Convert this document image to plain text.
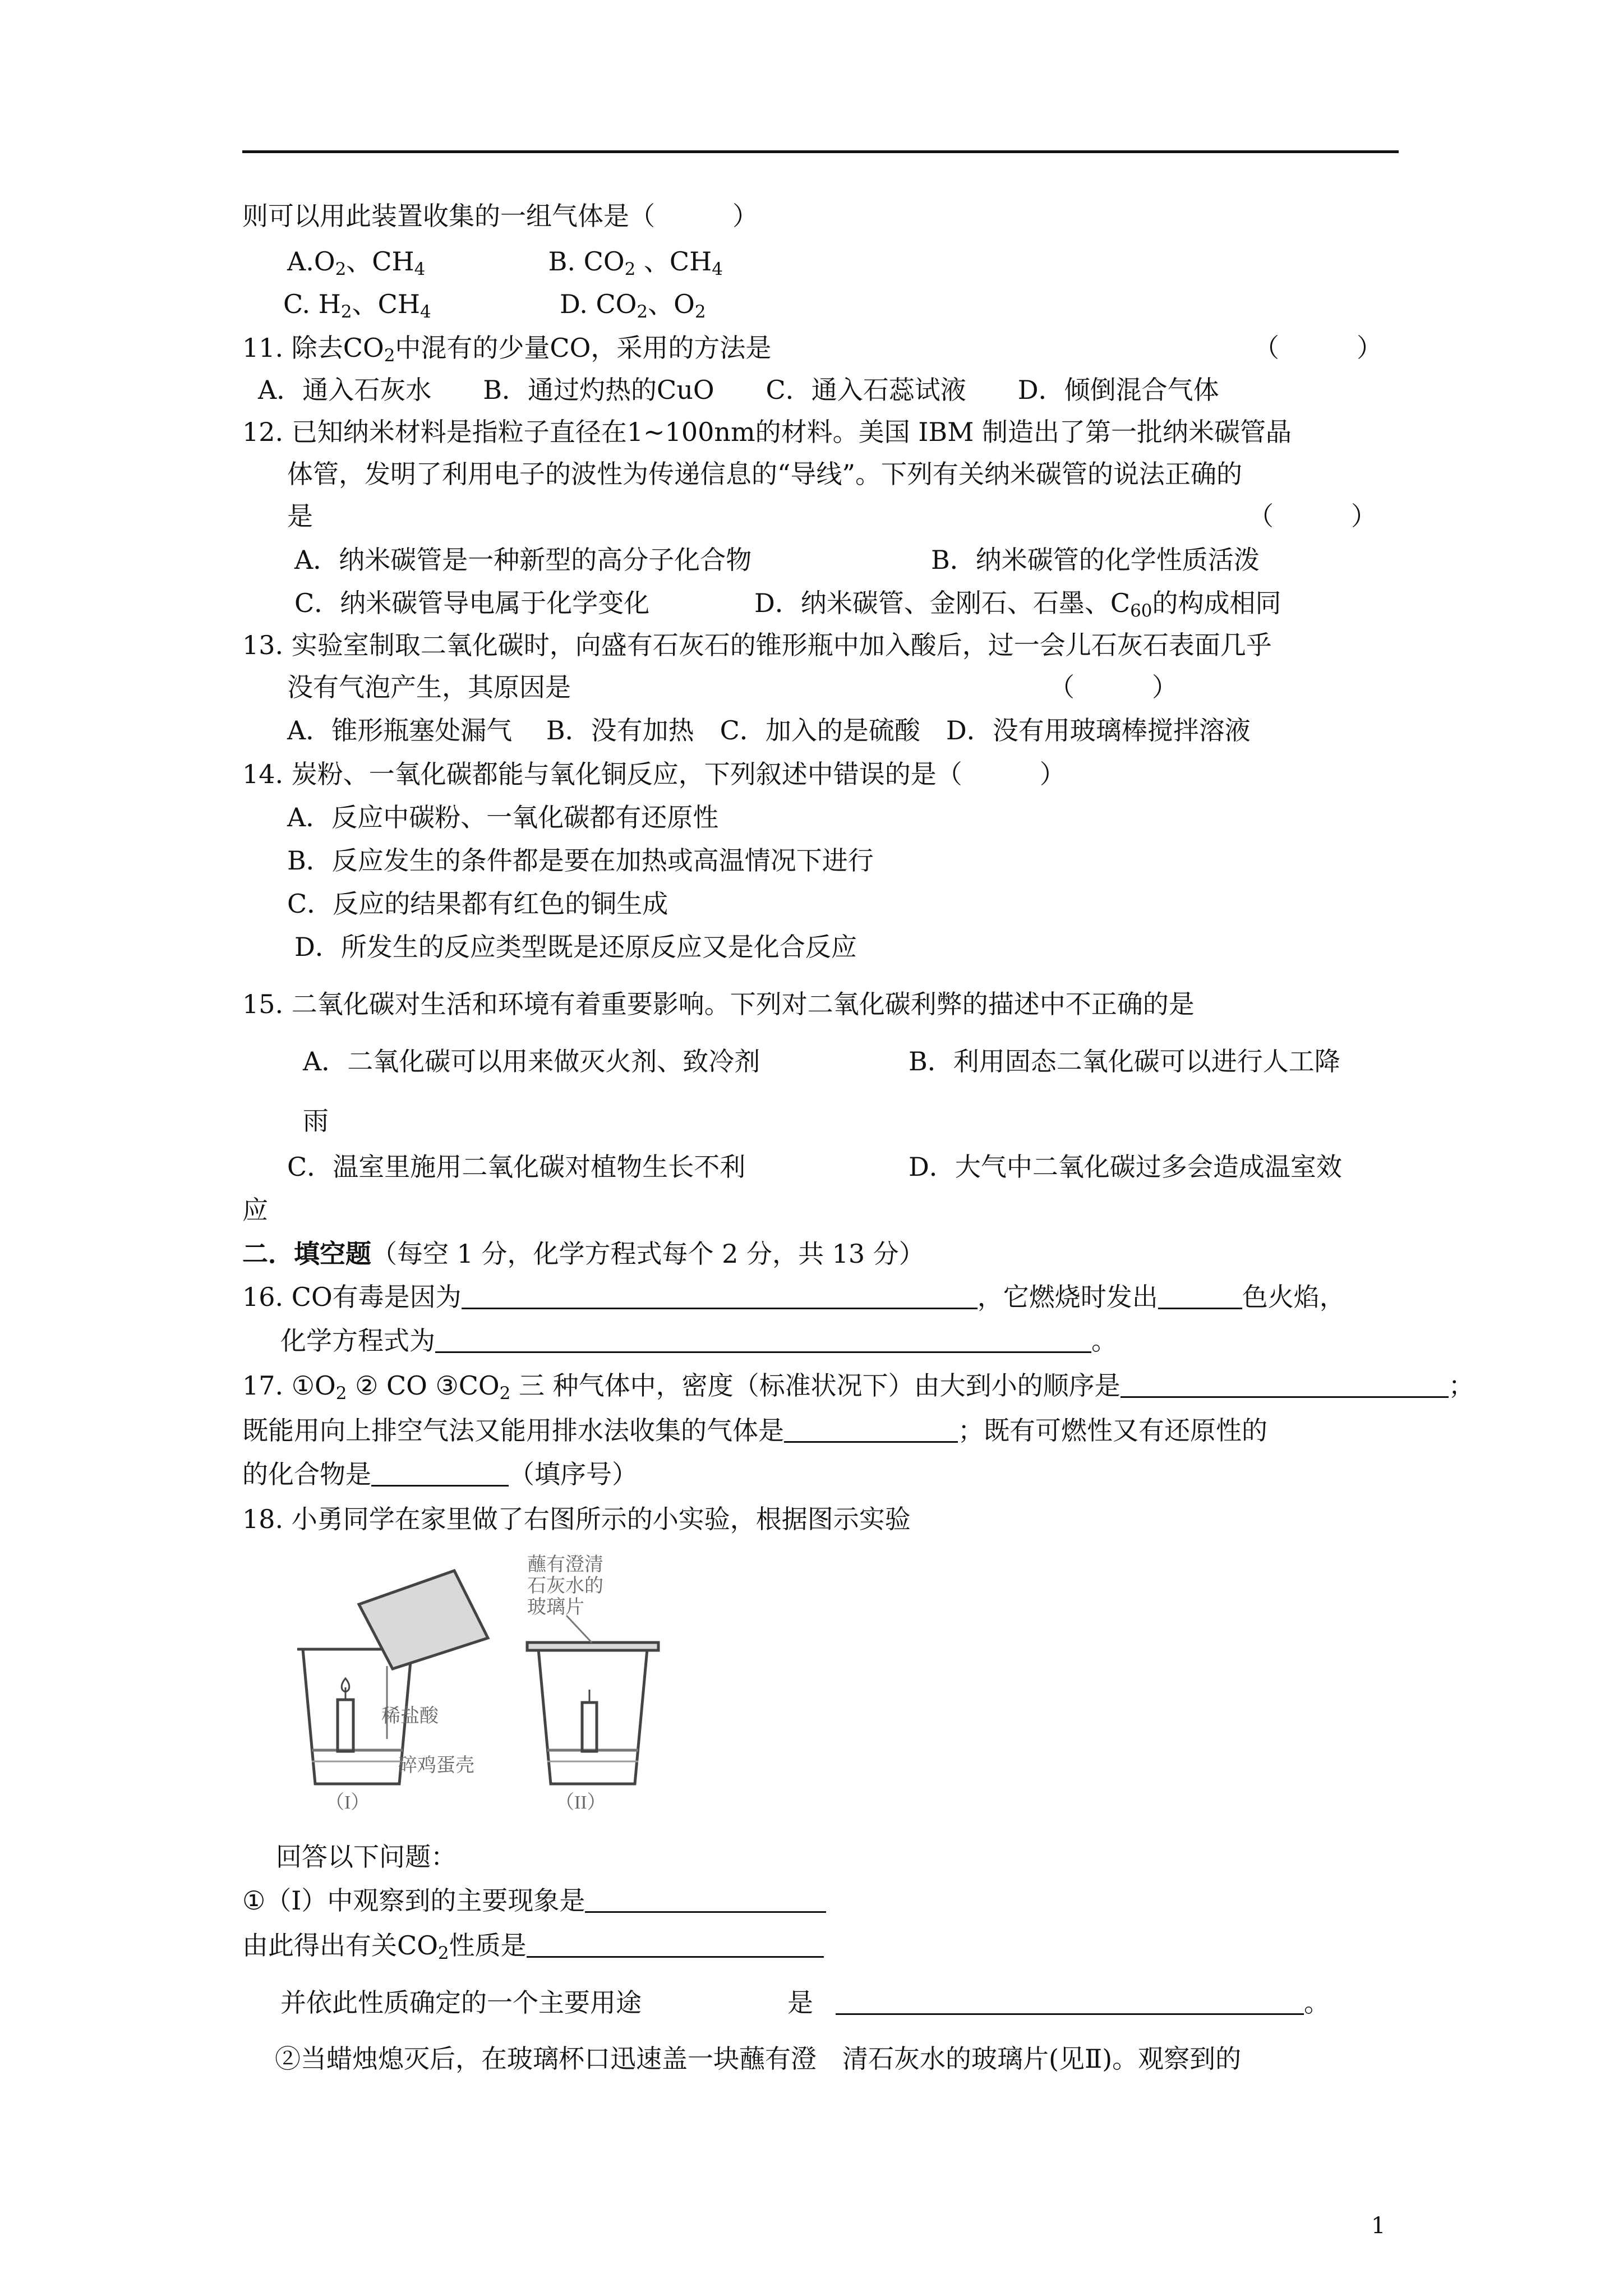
则可以用此装置收集的一组气体是（　　　）
$A.O_2$、$CH_4$	B. $CO_2$ 、$CH_4$
C. $H_2$、$CH_4$	D. $CO_2$、$O_2$
11. 除去$CO_2$中混有的少量CO，采用的方法是	（　　　）
A．通入石灰水　　B．通过灼热的CuO　　C．通入石蕊试液　　D．倾倒混合气体
12. 已知纳米材料是指粒子直径在1~100nm的材料。美国 IBM 制造出了第一批纳米碳管晶
体管，发明了利用电子的波性为传递信息的“导线”。下列有关纳米碳管的说法正确的
是	（　　　）
A．纳米碳管是一种新型的高分子化合物	B．纳米碳管的化学性质活泼
C．纳米碳管导电属于化学变化	D．纳米碳管、金刚石、石墨、$C_{60}$的构成相同
13. 实验室制取二氧化碳时，向盛有石灰石的锥形瓶中加入酸后，过一会儿石灰石表面几乎
没有气泡产生，其原因是	（　　　）
A．锥形瓶塞处漏气　 B．没有加热　C．加入的是硫酸　D．没有用玻璃棒搅拌溶液
14. 炭粉、一氧化碳都能与氧化铜反应，下列叙述中错误的是（　　　）
A．反应中碳粉、一氧化碳都有还原性
B．反应发生的条件都是要在加热或高温情况下进行
C．反应的结果都有红色的铜生成
D．所发生的反应类型既是还原反应又是化合反应
15. 二氧化碳对生活和环境有着重要影响。下列对二氧化碳利弊的描述中不正确的是
A．二氧化碳可以用来做灭火剂、致冷剂	B．利用固态二氧化碳可以进行人工降
雨
C．温室里施用二氧化碳对植物生长不利	D．大气中二氧化碳过多会造成温室效
应
二．填空题（每空 1 分，化学方程式每个 2 分，共 13 分）
16. CO有毒是因为	，它燃烧时发出	色火焰，
化学方程式为	。
17. $①O_2$ ② CO $③CO_2$ 三 种气体中，密度（标准状况下）由大到小的顺序是	；
既能用向上排空气法又能用排水法收集的气体是	；既有可燃性又有还原性的
的化合物是	（填序号）
18. 小勇同学在家里做了右图所示的小实验，根据图示实验
稀盐酸
碎鸡蛋壳
蘸有澄清
石灰水的
玻璃片
（I）	（II）
回答以下问题：
①（I）中观察到的主要现象是
由此得出有关$CO_2$性质是
并依此性质确定的一个主要用途	是	。
②当蜡烛熄灭后，在玻璃杯口迅速盖一块蘸有澄　清石灰水的玻璃片(见Ⅱ)。观察到的
1
